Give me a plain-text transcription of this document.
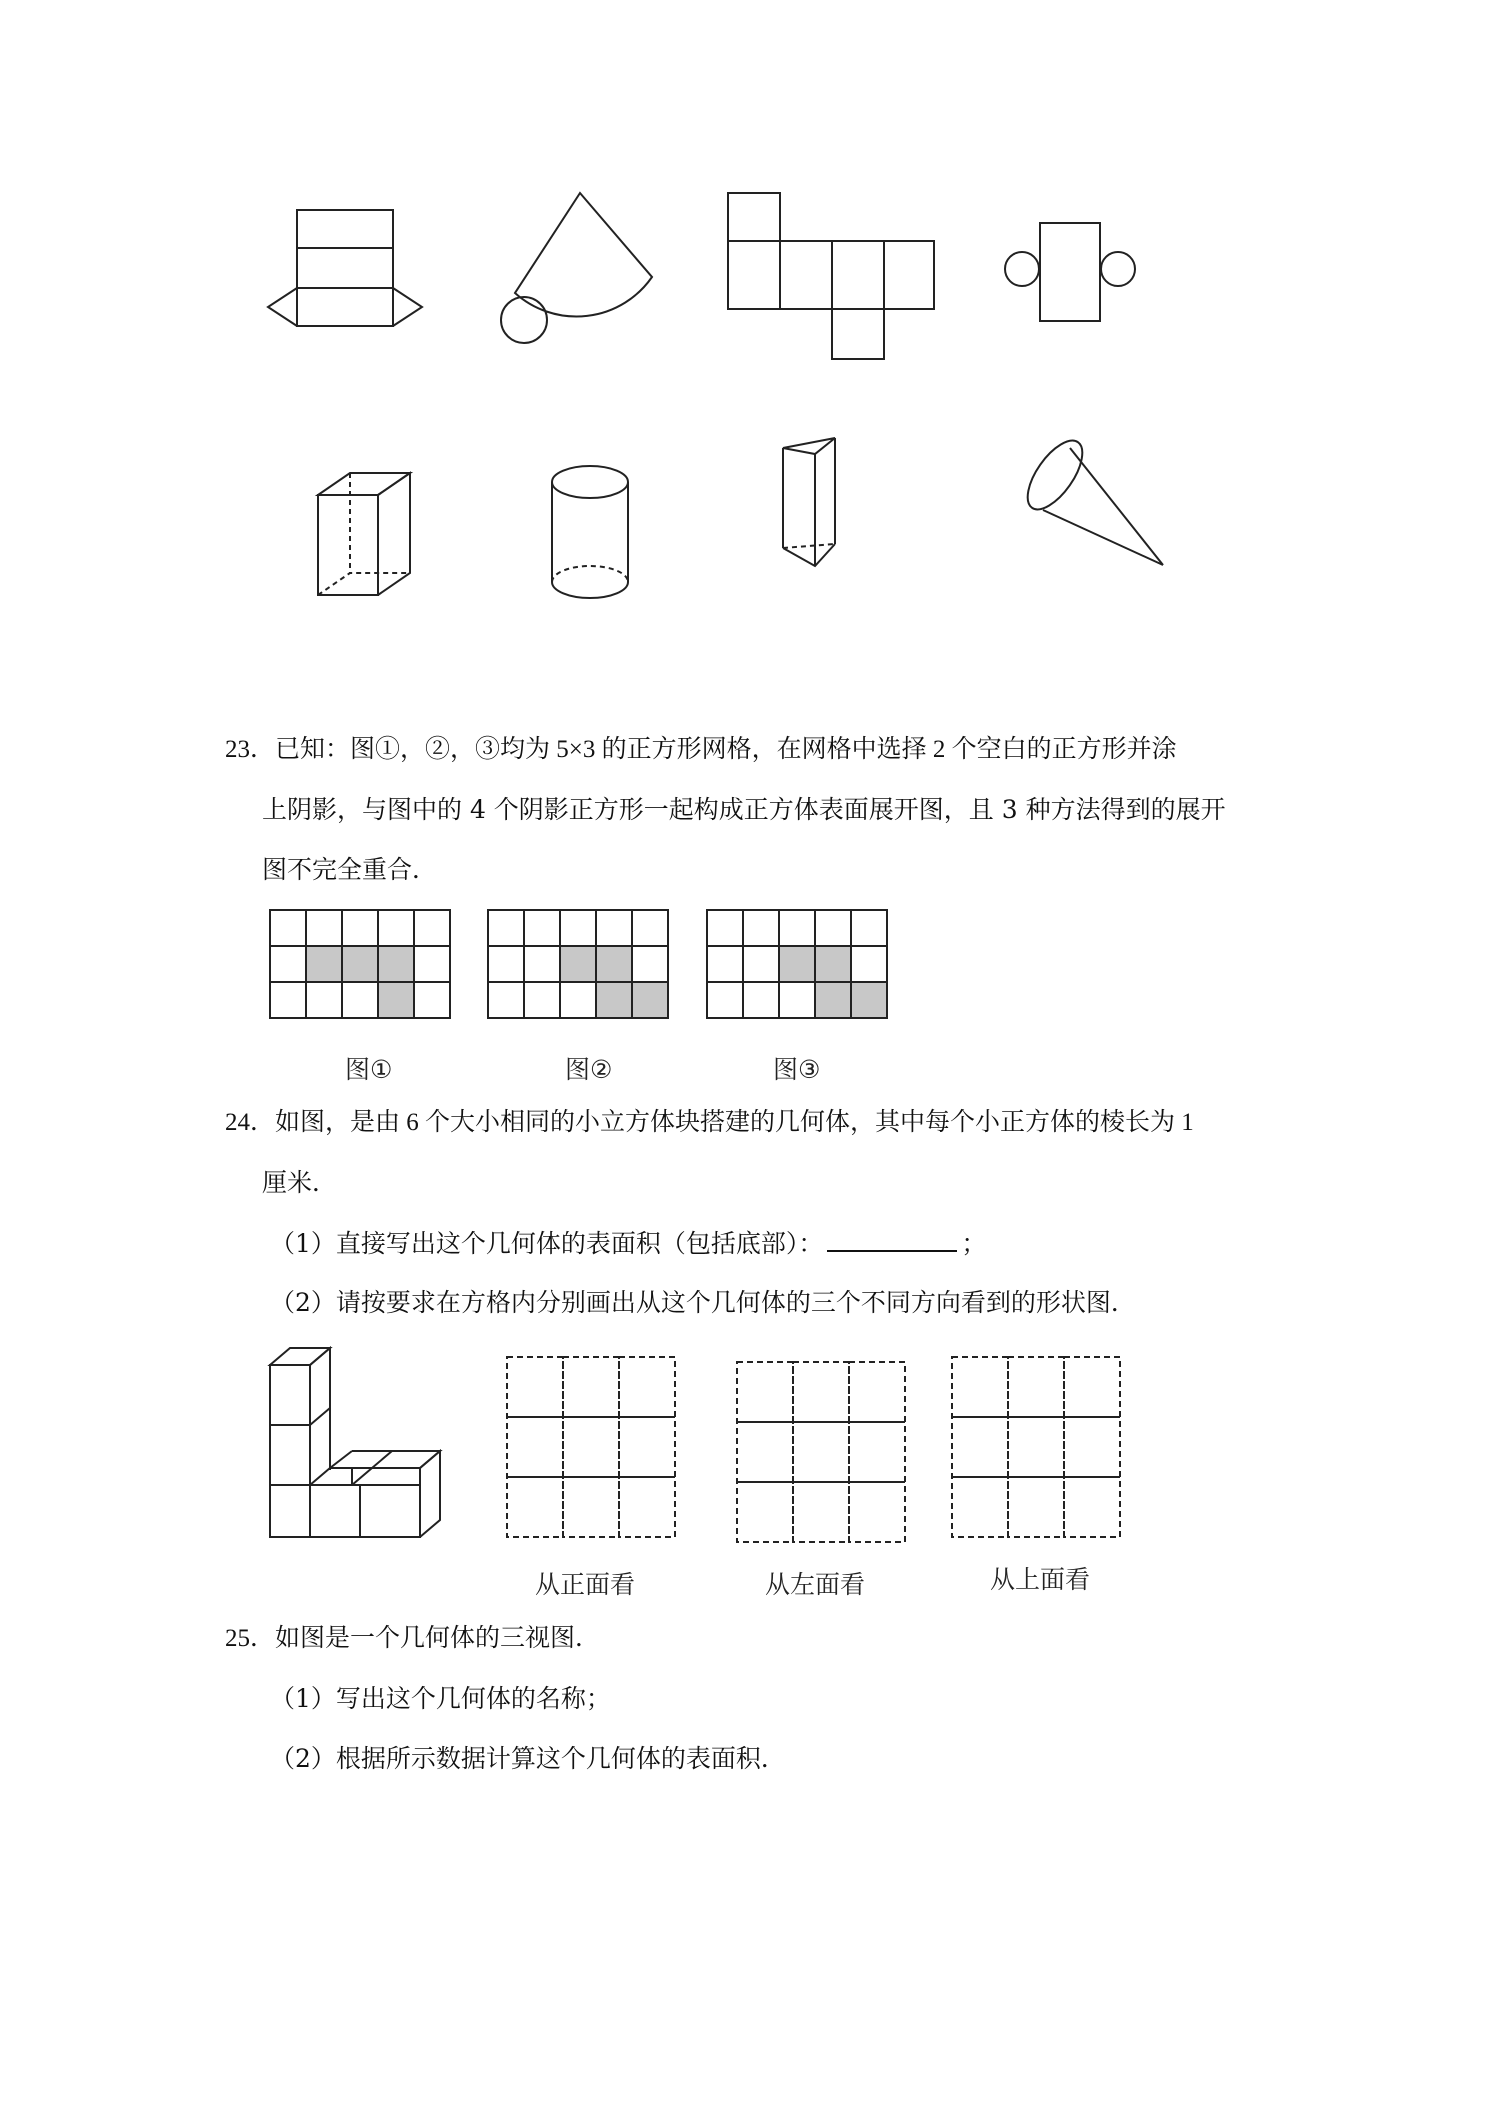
23．已知：图①，②，③均为 5×3 的正方形网格，在网格中选择 2 个空白的正方形并涂
上阴影，与图中的 4 个阴影正方形一起构成正方体表面展开图，且 3 种方法得到的展开
图不完全重合．
图①	图②	图③
24．如图，是由 6 个大小相同的小立方体块搭建的几何体，其中每个小正方体的棱长为 1
厘米．
（1）直接写出这个几何体的表面积（包括底部）：	；
（2）请按要求在方格内分别画出从这个几何体的三个不同方向看到的形状图．
从正面看	从左面看	从上面看
25．如图是一个几何体的三视图．
（1）写出这个几何体的名称；
（2）根据所示数据计算这个几何体的表面积．
